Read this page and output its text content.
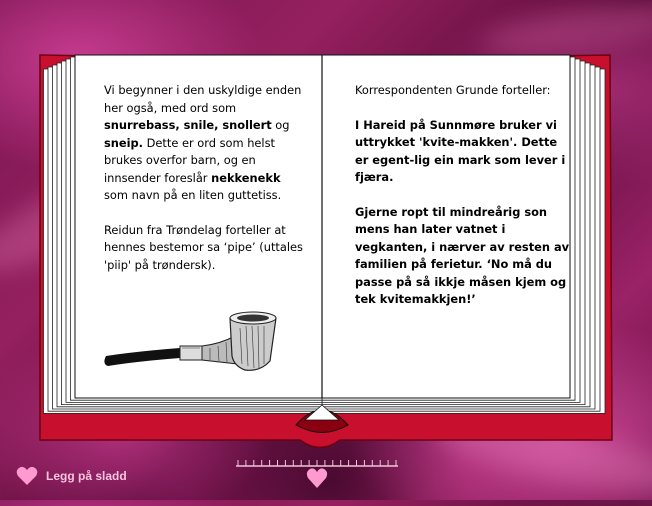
Vi begynner i den uskyldige enden her også, med ord som snurrebass, snile, snollert og sneip. Dette er ord som helst brukes overfor barn, og en innsender foreslår nekkenekk som navn på en liten guttetiss.

Reidun fra Trøndelag forteller at hennes bestemor sa ‘pipe’ (uttales 'piip' på trøndersk).

Korrespondenten Grunde forteller:

I Hareid på Sunnmøre bruker vi uttrykket 'kvite-makken'. Dette er egent-lig ein mark som lever i fjæra.

Gjerne ropt til mindreårig son mens han later vatnet i vegkanten, i nærver av resten av familien på ferietur. ‘No må du passe på så ikkje måsen kjem og tek kvitemakkjen!’

Legg på sladd
